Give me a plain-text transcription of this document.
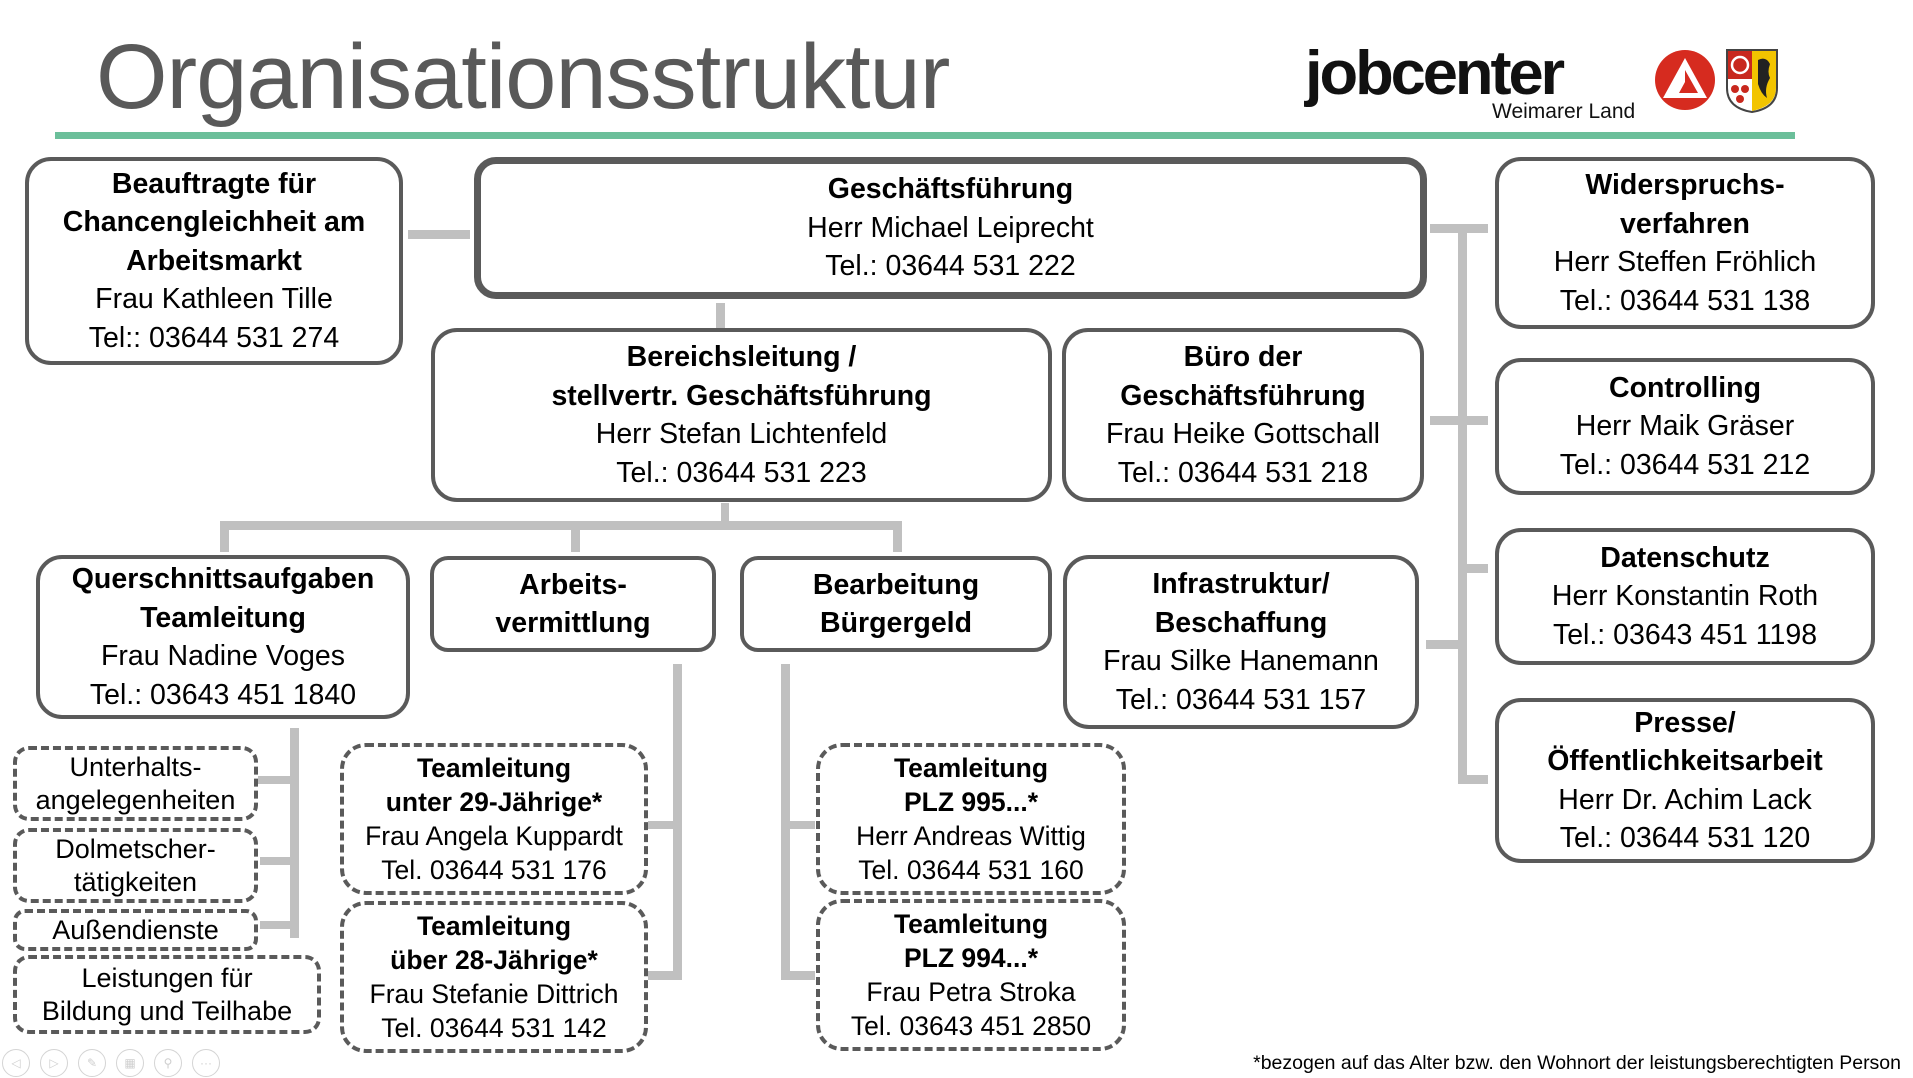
Organisationsstruktur	jobcenter
Weimarer Land
Beauftragte für
Chancengleichheit am
Arbeitsmarkt
Frau Kathleen Tille
Tel:: 03644 531 274
Geschäftsführung
Herr Michael Leiprecht
Tel.: 03644 531 222
Widerspruchs-
verfahren
Herr Steffen Fröhlich
Tel.: 03644 531 138
Bereichsleitung /
stellvertr. Geschäftsführung
Herr Stefan Lichtenfeld
Tel.: 03644 531 223
Büro der
Geschäftsführung
Frau Heike Gottschall
Tel.: 03644 531 218
Controlling
Herr Maik Gräser
Tel.: 03644 531 212
Datenschutz
Herr Konstantin Roth
Tel.: 03643 451 1198
Presse/
Öffentlichkeitsarbeit
Herr Dr. Achim Lack
Tel.: 03644 531 120
Querschnittsaufgaben
Teamleitung
Frau Nadine Voges
Tel.: 03643 451 1840
Arbeits-
vermittlung
Bearbeitung
Bürgergeld
Infrastruktur/
Beschaffung
Frau Silke Hanemann
Tel.: 03644 531 157
Unterhalts-
angelegenheiten
Dolmetscher-
tätigkeiten
Außendienste
Leistungen für
Bildung und Teilhabe
Teamleitung
unter 29-Jährige*
Frau Angela Kuppardt
Tel. 03644 531 176
Teamleitung
über 28-Jährige*
Frau Stefanie Dittrich
Tel. 03644 531 142
Teamleitung
PLZ 995...*
Herr Andreas Wittig
Tel. 03644 531 160
Teamleitung
PLZ 994...*
Frau Petra Stroka
Tel. 03643 451 2850
*bezogen auf das Alter bzw. den Wohnort der leistungsberechtigten Person
◁ ▷ ✎ ▦ ⚲ ···
